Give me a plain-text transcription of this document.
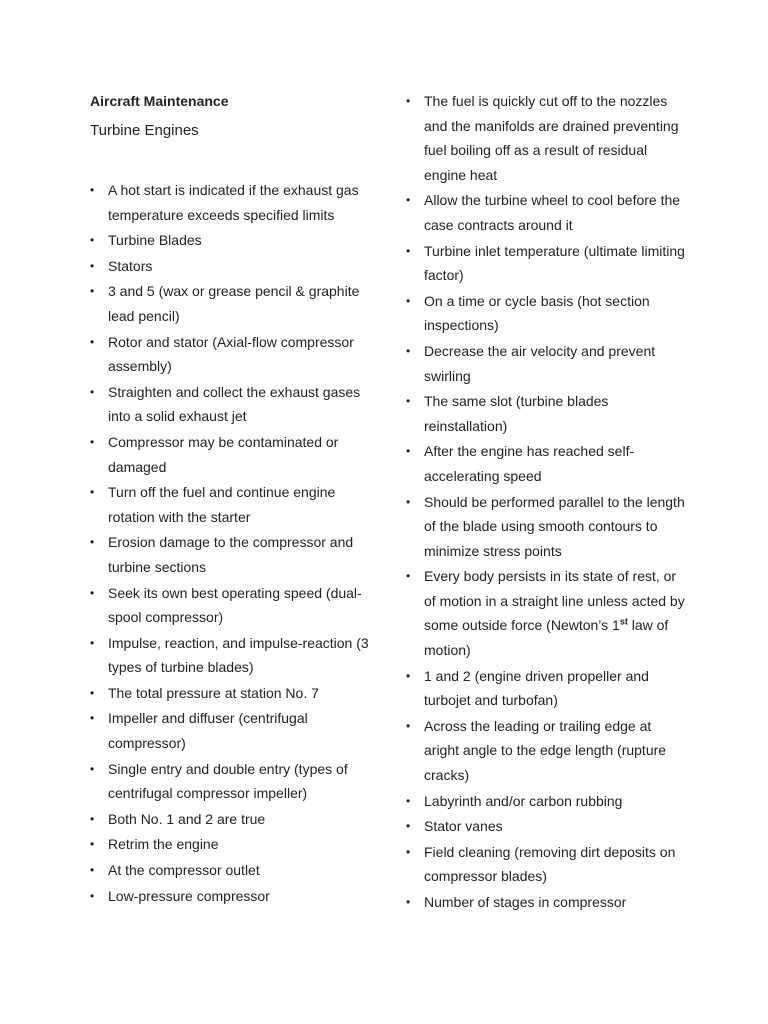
Aircraft Maintenance
Turbine Engines
• A hot start is indicated if the exhaust gas temperature exceeds specified limits
• Turbine Blades
• Stators
• 3 and 5 (wax or grease pencil & graphite lead pencil)
• Rotor and stator (Axial-flow compressor assembly)
• Straighten and collect the exhaust gases into a solid exhaust jet
• Compressor may be contaminated or damaged
• Turn off the fuel and continue engine rotation with the starter
• Erosion damage to the compressor and turbine sections
• Seek its own best operating speed (dual-spool compressor)
• Impulse, reaction, and impulse-reaction (3 types of turbine blades)
• The total pressure at station No. 7
• Impeller and diffuser (centrifugal compressor)
• Single entry and double entry (types of centrifugal compressor impeller)
• Both No. 1 and 2 are true
• Retrim the engine
• At the compressor outlet
• Low-pressure compressor
• The fuel is quickly cut off to the nozzles and the manifolds are drained preventing fuel boiling off as a result of residual engine heat
• Allow the turbine wheel to cool before the case contracts around it
• Turbine inlet temperature (ultimate limiting factor)
• On a time or cycle basis (hot section inspections)
• Decrease the air velocity and prevent swirling
• The same slot (turbine blades reinstallation)
• After the engine has reached self-accelerating speed
• Should be performed parallel to the length of the blade using smooth contours to minimize stress points
• Every body persists in its state of rest, or of motion in a straight line unless acted by some outside force (Newton’s 1st law of motion)
• 1 and 2 (engine driven propeller and turbojet and turbofan)
• Across the leading or trailing edge at aright angle to the edge length (rupture cracks)
• Labyrinth and/or carbon rubbing
• Stator vanes
• Field cleaning (removing dirt deposits on compressor blades)
• Number of stages in compressor
